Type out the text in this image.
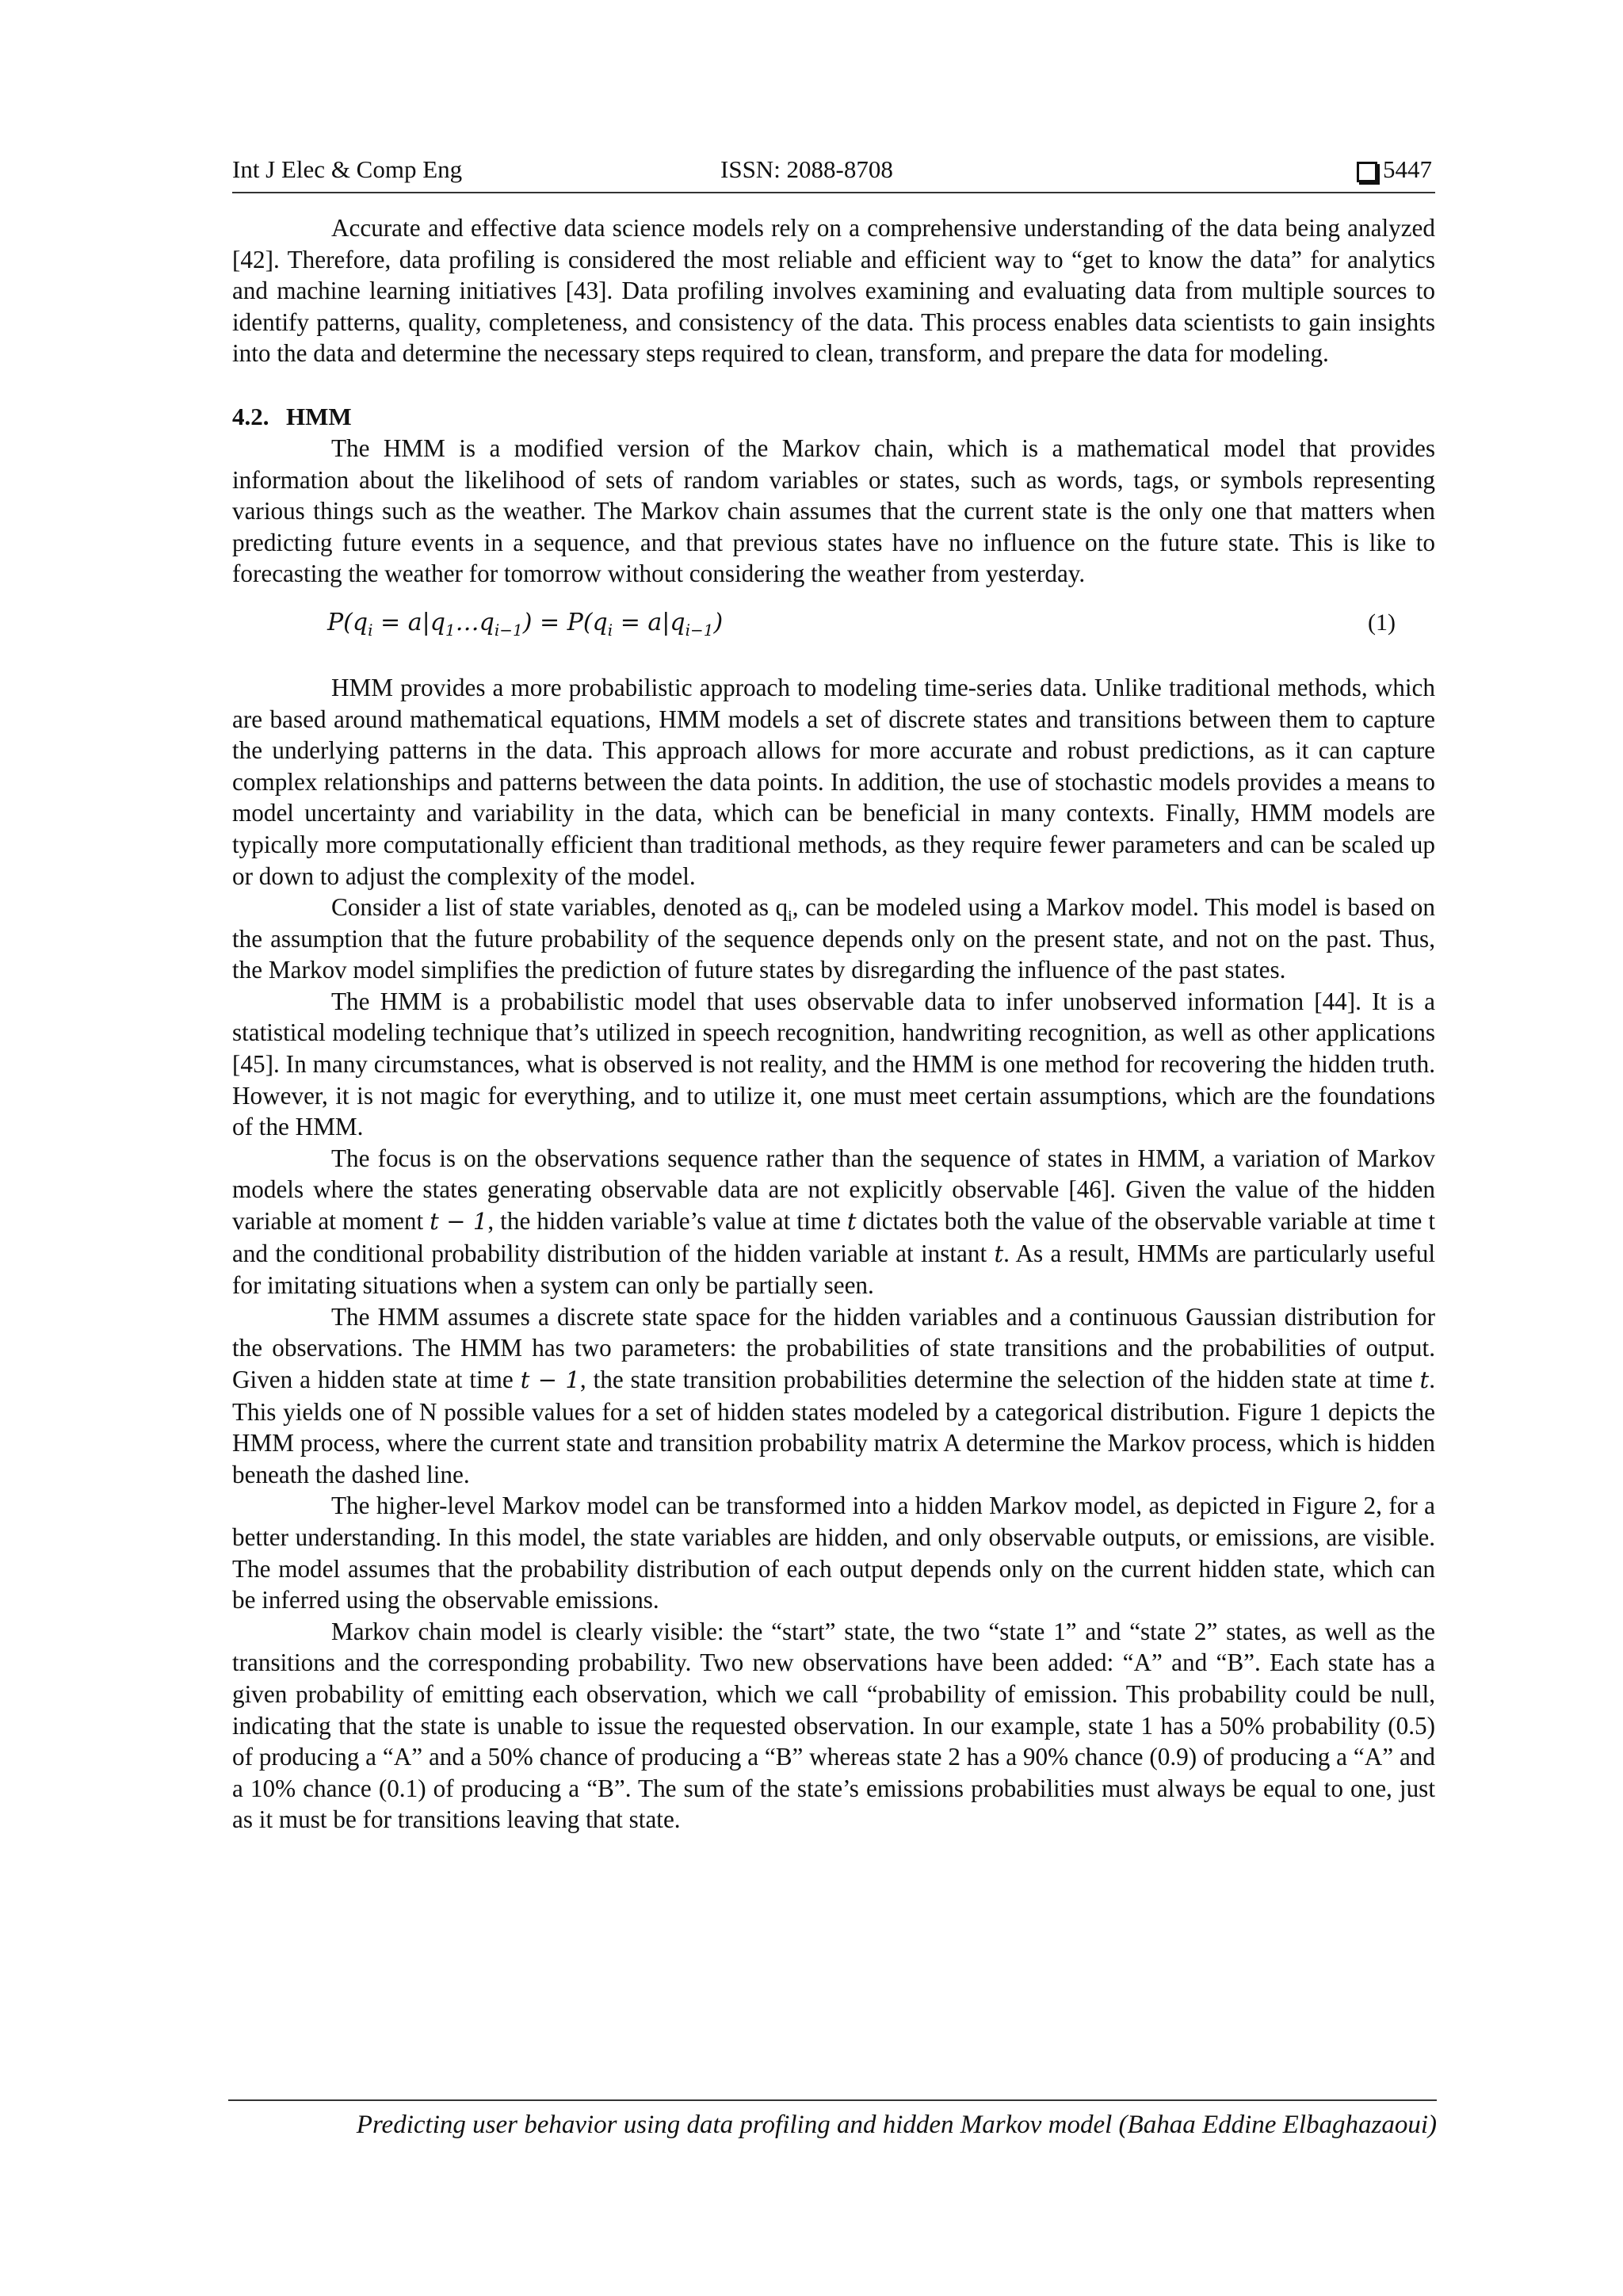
Int J Elec & Comp Eng	ISSN: 2088-8708	5447

Accurate and effective data science models rely on a comprehensive understanding of the data being analyzed [42]. Therefore, data profiling is considered the most reliable and efficient way to “get to know the data” for analytics and machine learning initiatives [43]. Data profiling involves examining and evaluating data from multiple sources to identify patterns, quality, completeness, and consistency of the data. This process enables data scientists to gain insights into the data and determine the necessary steps required to clean, transform, and prepare the data for modeling.

4.2. HMM

The HMM is a modified version of the Markov chain, which is a mathematical model that provides information about the likelihood of sets of random variables or states, such as words, tags, or symbols representing various things such as the weather. The Markov chain assumes that the current state is the only one that matters when predicting future events in a sequence, and that previous states have no influence on the future state. This is like to forecasting the weather for tomorrow without considering the weather from yesterday.

$P(q_i$ = $a|q_1\dots q_{i-1}) = P(q_i = a|q_{i-1})$	(1)

HMM provides a more probabilistic approach to modeling time-series data. Unlike traditional methods, which are based around mathematical equations, HMM models a set of discrete states and transitions between them to capture the underlying patterns in the data. This approach allows for more accurate and robust predictions, as it can capture complex relationships and patterns between the data points. In addition, the use of stochastic models provides a means to model uncertainty and variability in the data, which can be beneficial in many contexts. Finally, HMM models are typically more computationally efficient than traditional methods, as they require fewer parameters and can be scaled up or down to adjust the complexity of the model.

Consider a list of state variables, denoted as $q_i$, can be modeled using a Markov model. This model is based on the assumption that the future probability of the sequence depends only on the present state, and not on the past. Thus, the Markov model simplifies the prediction of future states by disregarding the influence of the past states.

The HMM is a probabilistic model that uses observable data to infer unobserved information [44]. It is a statistical modeling technique that’s utilized in speech recognition, handwriting recognition, as well as other applications [45]. In many circumstances, what is observed is not reality, and the HMM is one method for recovering the hidden truth. However, it is not magic for everything, and to utilize it, one must meet certain assumptions, which are the foundations of the HMM.

The focus is on the observations sequence rather than the sequence of states in HMM, a variation of Markov models where the states generating observable data are not explicitly observable [46]. Given the value of the hidden variable at moment t − 1, the hidden variable’s value at time t dictates both the value of the observable variable at time t and the conditional probability distribution of the hidden variable at instant t. As a result, HMMs are particularly useful for imitating situations when a system can only be partially seen.

The HMM assumes a discrete state space for the hidden variables and a continuous Gaussian distribution for the observations. The HMM has two parameters: the probabilities of state transitions and the probabilities of output. Given a hidden state at time t − 1, the state transition probabilities determine the selection of the hidden state at time t. This yields one of N possible values for a set of hidden states modeled by a categorical distribution. Figure 1 depicts the HMM process, where the current state and transition probability matrix A determine the Markov process, which is hidden beneath the dashed line.

The higher-level Markov model can be transformed into a hidden Markov model, as depicted in Figure 2, for a better understanding. In this model, the state variables are hidden, and only observable outputs, or emissions, are visible. The model assumes that the probability distribution of each output depends only on the current hidden state, which can be inferred using the observable emissions.

Markov chain model is clearly visible: the “start” state, the two “state 1” and “state 2” states, as well as the transitions and the corresponding probability. Two new observations have been added: “A” and “B”. Each state has a given probability of emitting each observation, which we call “probability of emission. This probability could be null, indicating that the state is unable to issue the requested observation. In our example, state 1 has a 50% probability (0.5) of producing a “A” and a 50% chance of producing a “B” whereas state 2 has a 90% chance (0.9) of producing a “A” and a 10% chance (0.1) of producing a “B”. The sum of the state’s emissions probabilities must always be equal to one, just as it must be for transitions leaving that state.

Predicting user behavior using data profiling and hidden Markov model (Bahaa Eddine Elbaghazaoui)
